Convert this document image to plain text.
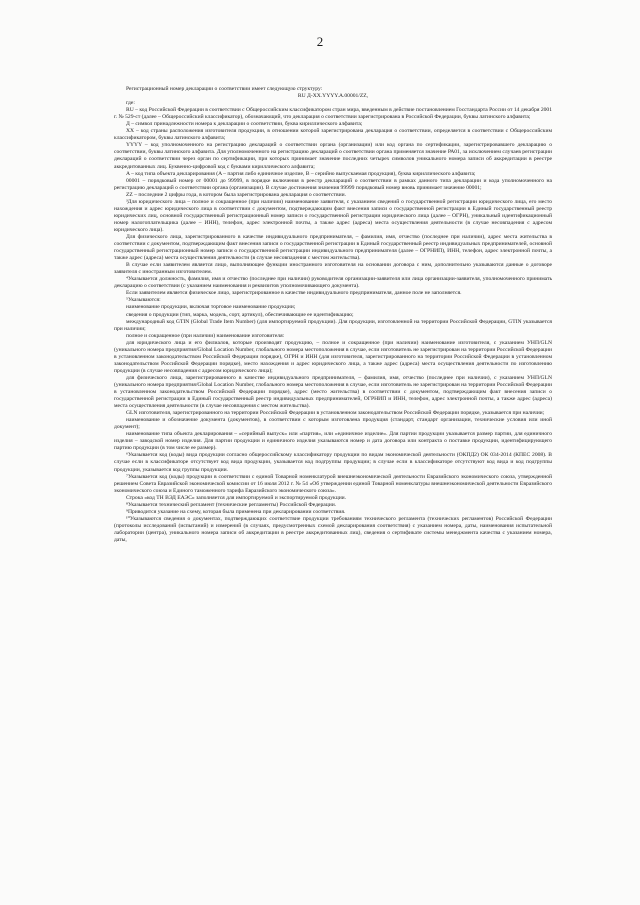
2

Регистрационный номер декларации о соответствии имеет следующую структуру:

RU Д-XX.YYYY.A.00001/ZZ,

где:

RU – код Российской Федерации в соответствии с Общероссийским классификатором стран мира, введенным в действие постановлением Госстандарта России от 14 декабря 2001 г. № 529-ст (далее – Общероссийский классификатор), обозначающий, что декларация о соответствии зарегистрирована в Российской Федерации, буквы латинского алфавита;

Д – символ принадлежности номера к декларации о соответствии, буква кириллического алфавита;

XX – код страны расположения изготовителя продукции, в отношении которой зарегистрирована декларация о соответствии, определяется в соответствии с Общероссийским классификатором, буквы латинского алфавита;

YYYY – код уполномоченного на регистрацию деклараций о соответствии органа (организации) или код органа по сертификации, зарегистрировавшего декларацию о соответствии, буквы латинского алфавита. Для уполномоченного на регистрацию деклараций о соответствии органа применяется значение РА01, за исключением случаев регистрации деклараций о соответствии через орган по сертификации, при которых принимает значение последних четырех символов уникального номера записи об аккредитации в реестре аккредитованных лиц. Буквенно-цифровой код с буквами кириллического алфавита;

A – код типа объекта декларирования (A – партия либо единичное изделие, В – серийно выпускаемая продукция), буква кириллического алфавита;

00001 – порядковый номер от 00001 до 99999, в порядке включения в реестр деклараций о соответствии в рамках данного типа декларации и кода уполномоченного на регистрацию деклараций о соответствии органа (организации). В случае достижения значения 99999 порядковый номер вновь принимает значение 00001;

ZZ – последние 2 цифры года, в котором была зарегистрирована декларация о соответствии.

³Для юридического лица – полное и сокращенное (при наличии) наименование заявителя, с указанием сведений о государственной регистрации юридического лица, его место нахождения и адрес юридического лица в соответствии с документом, подтверждающим факт внесения записи о государственной регистрации в Единый государственный реестр юридических лиц, основной государственный регистрационный номер записи о государственной регистрации юридического лица (далее – ОГРН), уникальный идентификационный номер налогоплательщика (далее – ИНН), телефон, адрес электронной почты, а также адрес (адреса) места осуществления деятельности (в случае несовпадения с адресом юридического лица).

Для физического лица, зарегистрированного в качестве индивидуального предпринимателя, – фамилия, имя, отчество (последнее при наличии), адрес места жительства в соответствии с документом, подтверждающим факт внесения записи о государственной регистрации в Единый государственный реестр индивидуальных предпринимателей, основной государственный регистрационный номер записи о государственной регистрации индивидуального предпринимателя (далее – ОГРНИП), ИНН, телефон, адрес электронной почты, а также адрес (адреса) места осуществления деятельности (в случае несовпадения с местом жительства).

В случае если заявителем является лицо, выполняющее функции иностранного изготовителя на основании договора с ним, дополнительно указываются данные о договоре заявителя с иностранным изготовителем.

⁴Указывается должность, фамилия, имя и отчество (последнее при наличии) руководителя организации-заявителя или лица организации-заявителя, уполномоченного принимать декларацию о соответствии (с указанием наименования и реквизитов уполномочивающего документа).

Если заявителем является физическое лицо, зарегистрированное в качестве индивидуального предпринимателя, данное поле не заполняется.

⁵Указываются:

наименование продукции, включая торговое наименование продукции;

сведения о продукции (тип, марка, модель, сорт, артикул), обеспечивающие ее идентификацию;

международный код GTIN (Global Trade Item Number) (для импортируемой продукции). Для продукции, изготовленной на территории Российской Федерации, GTIN указывается при наличии;

полное и сокращенное (при наличии) наименование изготовителя:

для юридического лица и его филиалов, которые производят продукцию, – полное и сокращенное (при наличии) наименование изготовителя, с указанием УНП/GLN (уникального номера предприятия/Global Location Number, глобального номера местоположения в случае, если изготовитель не зарегистрирован на территории Российской Федерации в установленном законодательством Российской Федерации порядке), ОГРН и ИНН (для изготовителя, зарегистрированного на территории Российской Федерации в установленном законодательством Российской Федерации порядке), место нахождения и адрес юридического лица, а также адрес (адреса) места осуществления деятельности по изготовлению продукции (в случае несовпадения с адресом юридического лица);

для физического лица, зарегистрированного в качестве индивидуального предпринимателя, – фамилия, имя, отчество (последнее при наличии), с указанием УНП/GLN (уникального номера предприятия/Global Location Number, глобального номера местоположения в случае, если изготовитель не зарегистрирован на территории Российской Федерации в установленном законодательством Российской Федерации порядке), адрес (место жительства) в соответствии с документом, подтверждающим факт внесения записи о государственной регистрации в Единый государственный реестр индивидуальных предпринимателей, ОГРНИП и ИНН, телефон, адрес электронной почты, а также адрес (адреса) места осуществления деятельности (в случае несовпадения с местом жительства).

GLN изготовителя, зарегистрированного на территории Российской Федерации в установленном законодательством Российской Федерации порядке, указывается при наличии;

наименование и обозначение документа (документов), в соответствии с которым изготовлена продукция (стандарт, стандарт организации, технические условия или иной документ);

наименование типа объекта декларирования – «серийный выпуск» или «партия», или «единичное изделие». Для партии продукции указывается размер партии, для единичного изделия – заводской номер изделия. Для партии продукции и единичного изделия указываются номер и дата договора или контракта о поставке продукции, идентифицирующего партию продукции (в том числе ее размер).

⁶Указывается код (коды) вида продукции согласно общероссийскому классификатору продукции по видам экономической деятельности (ОКПД2) ОК 034-2014 (КПЕС 2008). В случае если в классификаторе отсутствует код вида продукции, указывается код подгруппы продукции; в случае если в классификаторе отсутствуют код вида и код подгруппы продукции, указывается код группы продукции.

⁷Указывается код (коды) продукции в соответствии с единой Товарной номенклатурой внешнеэкономической деятельности Евразийского экономического союза, утвержденной решением Совета Евразийской экономической комиссии от 16 июля 2012 г. № 54 «Об утверждении единой Товарной номенклатуры внешнеэкономической деятельности Евразийского экономического союза и Единого таможенного тарифа Евразийского экономического союза».

Строка «код ТН ВЭД ЕАЭС» заполняется для импортируемой и экспортируемой продукции.

⁸Указывается технический регламент (технические регламенты) Российской Федерации.

⁹Приводится указание на схему, которая была применена при декларировании соответствия.

¹⁰Указываются сведения о документах, подтверждающих соответствие продукции требованиям технического регламента (технических регламентов) Российской Федерации (протоколы исследований (испытаний) и измерений (в случаях, предусмотренных схемой декларирования соответствия) с указанием номера, даты, наименования испытательной лаборатории (центра), уникального номера записи об аккредитации в реестре аккредитованных лиц), сведения о сертификате системы менеджмента качества с указанием номера, даты,
